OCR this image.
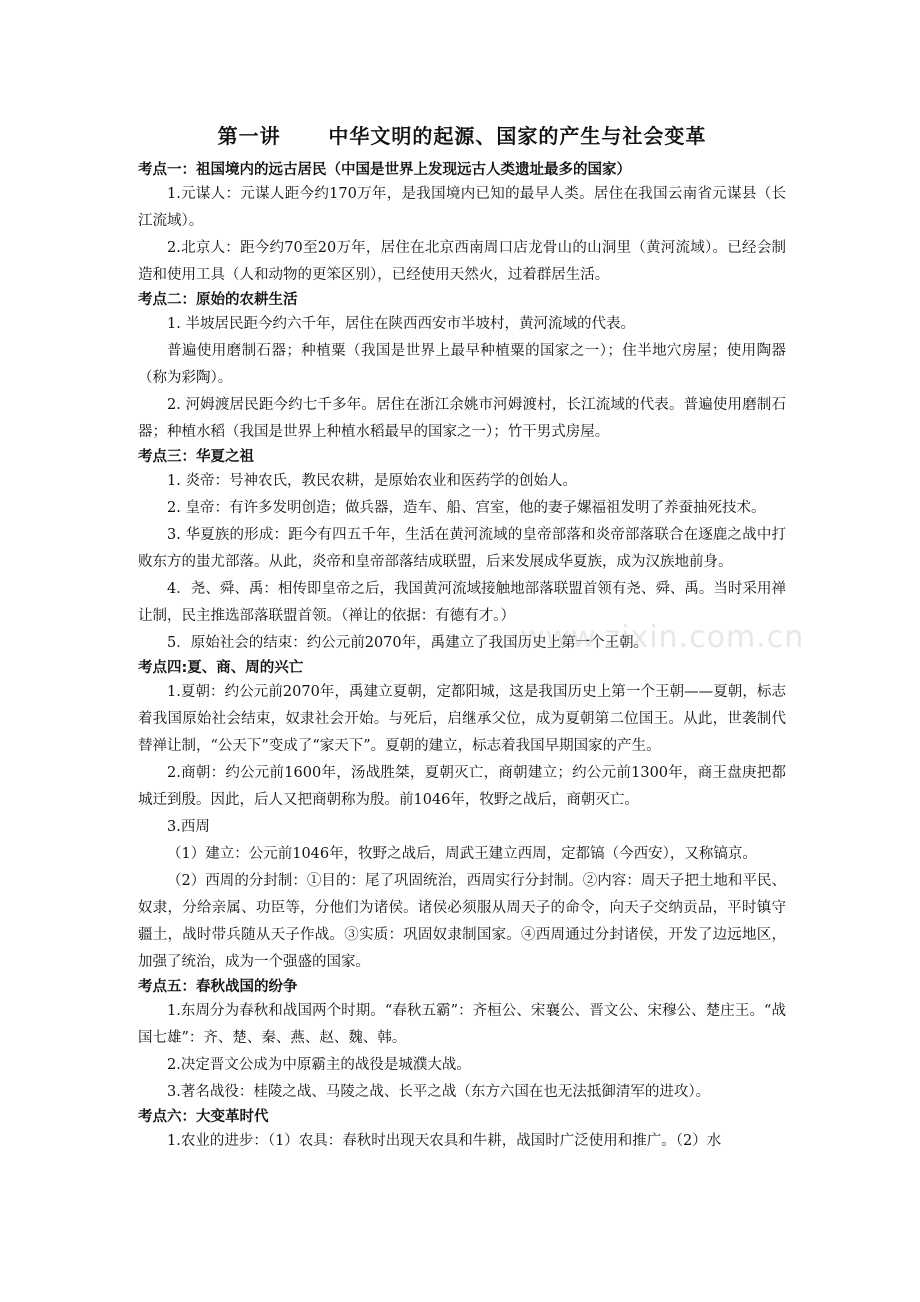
第一讲      中华文明的起源、国家的产生与社会变革

考点一：祖国境内的远古居民（中国是世界上发现远古人类遗址最多的国家）

1.元谋人：元谋人距今约170万年，是我国境内已知的最早人类。居住在我国云南省元谋县（长江流域）。

2.北京人：距今约70至20万年，居住在北京西南周口店龙骨山的山洞里（黄河流域）。已经会制造和使用工具（人和动物的更笨区别），已经使用天然火，过着群居生活。

考点二：原始的农耕生活

1. 半坡居民距今约六千年，居住在陕西西安市半坡村，黄河流域的代表。

普遍使用磨制石器；种植粟（我国是世界上最早种植粟的国家之一）；住半地穴房屋；使用陶器（称为彩陶）。

2. 河姆渡居民距今约七千多年。居住在浙江余姚市河姆渡村，长江流域的代表。普遍使用磨制石器；种植水稻（我国是世界上种植水稻最早的国家之一）；竹干男式房屋。

考点三：华夏之祖

1. 炎帝：号神农氏，教民农耕，是原始农业和医药学的创始人。

2. 皇帝：有许多发明创造；做兵器，造车、船、宫室，他的妻子嫘福祖发明了养蚕抽死技术。

3. 华夏族的形成：距今有四五千年，生活在黄河流域的皇帝部落和炎帝部落联合在逐鹿之战中打败东方的蚩尤部落。从此，炎帝和皇帝部落结成联盟，后来发展成华夏族，成为汉族地前身。

4．尧、舜、禹：相传即皇帝之后，我国黄河流域接触地部落联盟首领有尧、舜、禹。当时采用禅让制，民主推选部落联盟首领。（禅让的依据：有德有才。）

5．原始社会的结束：约公元前2070年，禹建立了我国历史上第一个王朝。

考点四:夏、商、周的兴亡

1.夏朝：约公元前2070年，禹建立夏朝，定都阳城，这是我国历史上第一个王朝——夏朝，标志着我国原始社会结束，奴隶社会开始。与死后，启继承父位，成为夏朝第二位国王。从此，世袭制代替禅让制，“公天下”变成了“家天下”。夏朝的建立，标志着我国早期国家的产生。

2.商朝：约公元前1600年，汤战胜桀，夏朝灭亡，商朝建立；约公元前1300年，商王盘庚把都城迁到殷。因此，后人又把商朝称为殷。前1046年，牧野之战后，商朝灭亡。

3.西周

（1）建立：公元前1046年，牧野之战后，周武王建立西周，定都镐（今西安），又称镐京。

（2）西周的分封制：①目的：尾了巩固统治，西周实行分封制。②内容：周天子把土地和平民、奴隶，分给亲属、功臣等，分他们为诸侯。诸侯必须服从周天子的命令，向天子交纳贡品，平时镇守疆土，战时带兵随从天子作战。③实质：巩固奴隶制国家。④西周通过分封诸侯，开发了边远地区，加强了统治，成为一个强盛的国家。

考点五：春秋战国的纷争

1.东周分为春秋和战国两个时期。“春秋五霸”：齐桓公、宋襄公、晋文公、宋穆公、楚庄王。“战国七雄”：齐、楚、秦、燕、赵、魏、韩。

2.决定晋文公成为中原霸主的战役是城濮大战。

3.著名战役：桂陵之战、马陵之战、长平之战（东方六国在也无法抵御清军的进攻）。

考点六：大变革时代

1.农业的进步：（1）农具：春秋时出现天农具和牛耕，战国时广泛使用和推广。（2）水

www.zixin.com.cn
